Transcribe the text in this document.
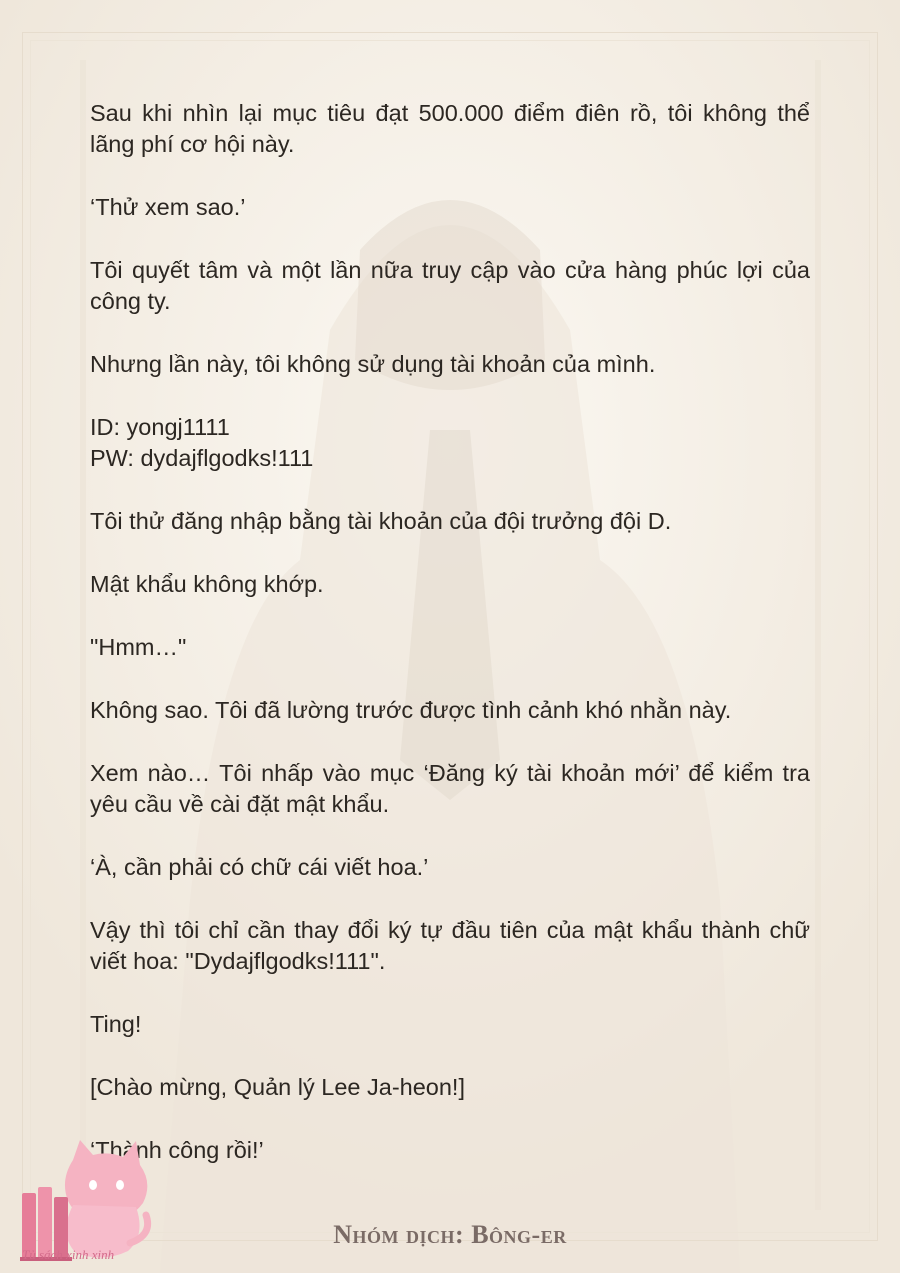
Sau khi nhìn lại mục tiêu đạt 500.000 điểm điên rồ, tôi không thể lãng phí cơ hội này.

‘Thử xem sao.’

Tôi quyết tâm và một lần nữa truy cập vào cửa hàng phúc lợi của công ty.

Nhưng lần này, tôi không sử dụng tài khoản của mình.

ID: yongj1111
PW: dydajflgodks!111

Tôi thử đăng nhập bằng tài khoản của đội trưởng đội D.

Mật khẩu không khớp.

"Hmm…"

Không sao. Tôi đã lường trước được tình cảnh khó nhằn này.

Xem nào… Tôi nhấp vào mục ‘Đăng ký tài khoản mới’ để kiểm tra yêu cầu về cài đặt mật khẩu.

‘À, cần phải có chữ cái viết hoa.’

Vậy thì tôi chỉ cần thay đổi ký tự đầu tiên của mật khẩu thành chữ viết hoa: "Dydajflgodks!111".

Ting!

[Chào mừng, Quản lý Lee Ja-heon!]

‘Thành công rồi!’

Tủ sách xinh xinh
Nhóm dịch: Bông-er
